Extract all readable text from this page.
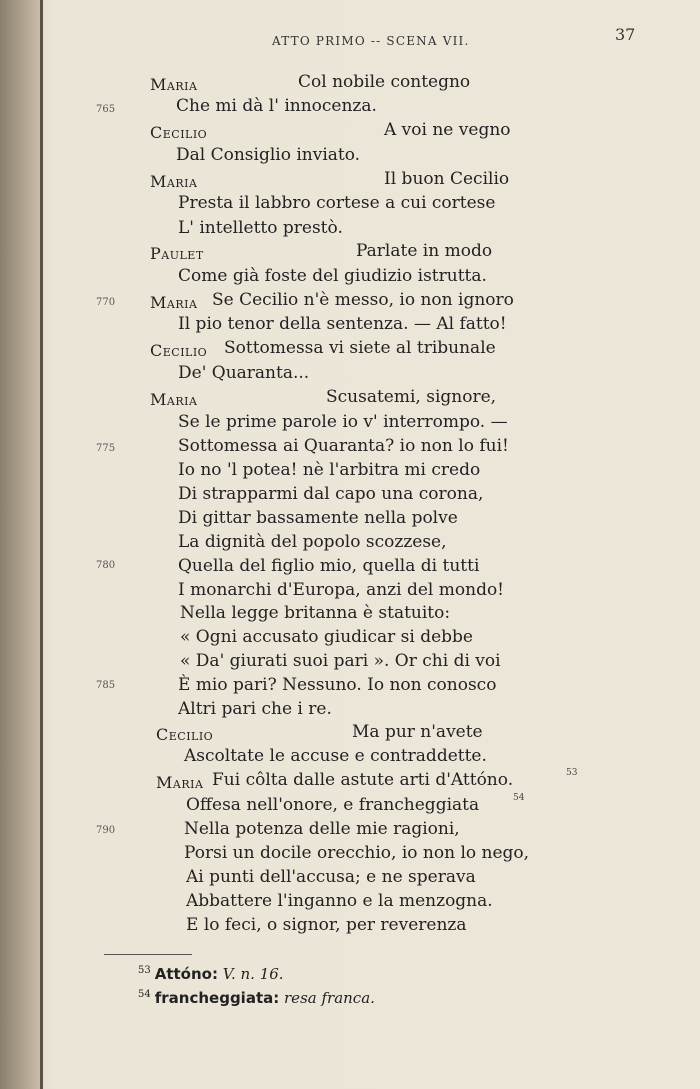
ATTO PRIMO -- SCENA VII.	37
765
770
775
780
785
790
Maria	Col nobile contegno
Che mi dà l' innocenza.
Cecilio	A voi ne vegno
Dal Consiglio inviato.
Maria	Il buon Cecilio
Presta il labbro cortese a cui cortese
L' intelletto prestò.
Paulet	Parlate in modo
Come già foste del giudizio istrutta.
Maria Se Cecilio n'è messo, io non ignoro
Il pio tenor della sentenza. — Al fatto!
Cecilio Sottomessa vi siete al tribunale
De' Quaranta...
Maria	Scusatemi, signore,
Se le prime parole io v' interrompo. —
Sottomessa ai Quaranta? io non lo fui!
Io no 'l potea! nè l'arbitra mi credo
Di strapparmi dal capo una corona,
Di gittar bassamente nella polve
La dignità del popolo scozzese,
Quella del figlio mio, quella di tutti
I monarchi d'Europa, anzi del mondo!
Nella legge britanna è statuito:
« Ogni accusato giudicar si debbe
« Da' giurati suoi pari ». Or chi di voi
È mio pari? Nessuno. Io non conosco
Altri pari che i re.
Cecilio	Ma pur n'avete
Ascoltate le accuse e contraddette.
Maria Fui côlta dalle astute arti d'Attóno.	53
Offesa nell'onore, e francheggiata	54
Nella potenza delle mie ragioni,
Porsi un docile orecchio, io non lo nego,
Ai punti dell'accusa; e ne sperava
Abbattere l'inganno e la menzogna.
E lo feci, o signor, per reverenza
$^{53}$ Attóno: V. n. 16.
$^{54}$ francheggiata: resa franca.
